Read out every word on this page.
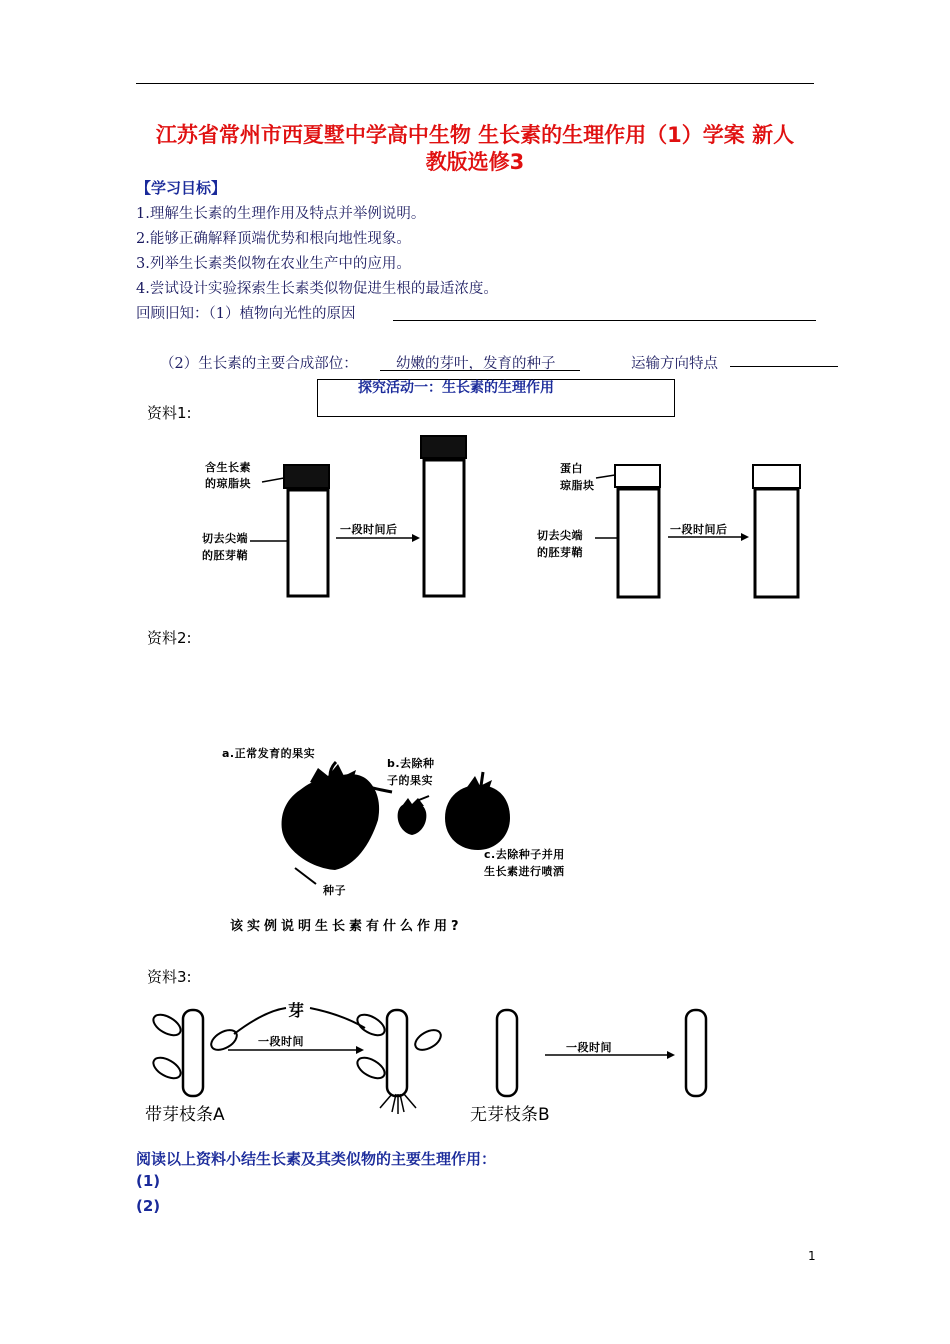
江苏省常州市西夏墅中学高中生物 生长素的生理作用（1）学案 新人
教版选修3
【学习目标】
1.理解生长素的生理作用及特点并举例说明。
2.能够正确解释顶端优势和根向地性现象。
3.列举生长素类似物在农业生产中的应用。
4.尝试设计实验探索生长素类似物促进生根的最适浓度。
回顾旧知：（1）植物向光性的原因
（2）生长素的主要合成部位：	幼嫩的芽叶，发育的种子	运输方向特点
探究活动一：生长素的生理作用
资料1:
含生长素
的琼脂块
切去尖端
的胚芽鞘
一段时间后
蛋白
琼脂块
切去尖端
的胚芽鞘
一段时间后
资料2:
a.正常发育的果实
b.去除种
子的果实
c.去除种子并用
生长素进行喷洒
种子
该实例说明生长素有什么作用?
资料3:
芽
一段时间
带芽枝条A	无芽枝条B
一段时间
阅读以上资料小结生长素及其类似物的主要生理作用：
(1)
(2)
1
